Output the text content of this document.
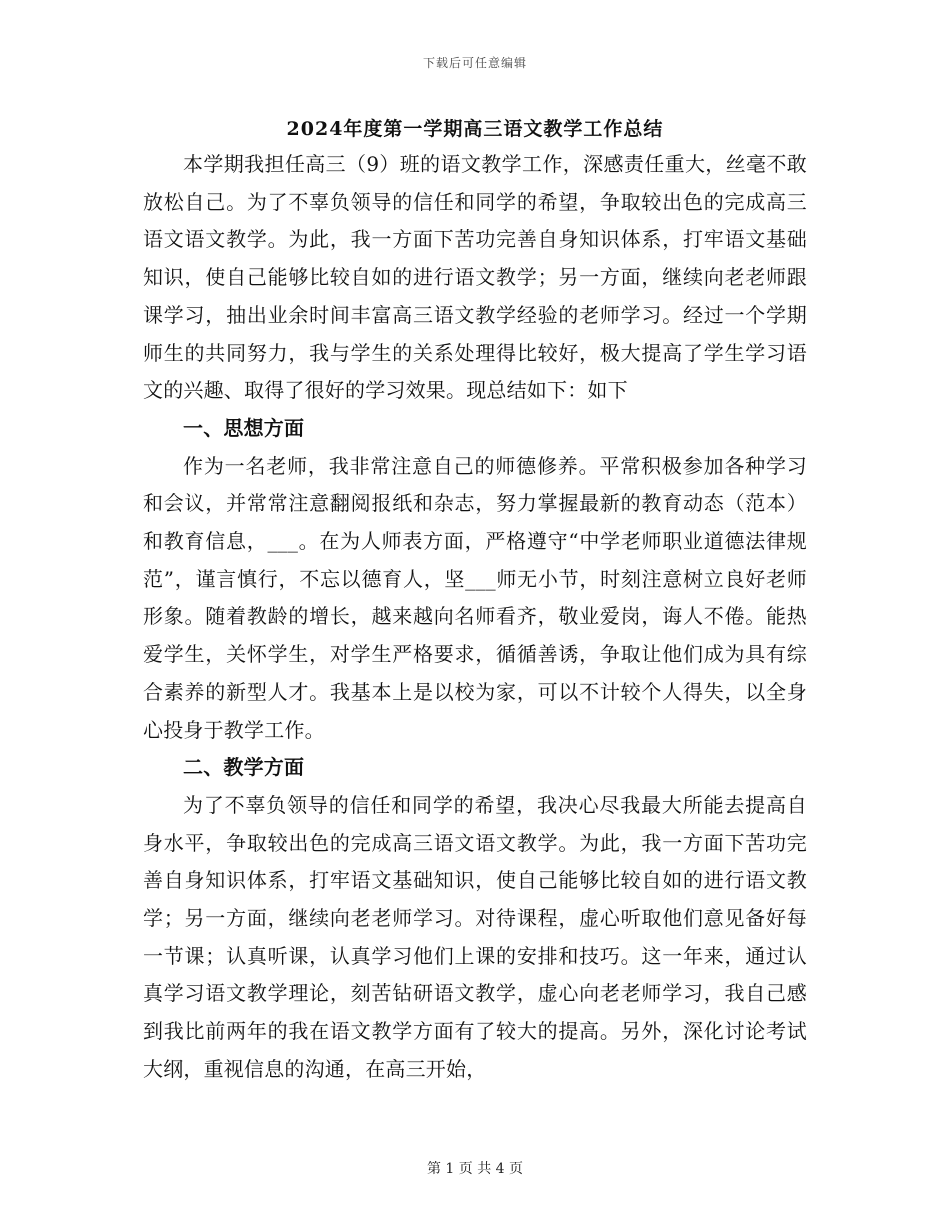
下载后可任意编辑
2024年度第一学期高三语文教学工作总结

本学期我担任高三（9）班的语文教学工作，深感责任重大，丝毫不敢放松自己。为了不辜负领导的信任和同学的希望，争取较出色的完成高三语文语文教学。为此，我一方面下苦功完善自身知识体系，打牢语文基础知识，使自己能够比较自如的进行语文教学；另一方面，继续向老老师跟课学习，抽出业余时间丰富高三语文教学经验的老师学习。经过一个学期师生的共同努力，我与学生的关系处理得比较好，极大提高了学生学习语文的兴趣、取得了很好的学习效果。现总结如下：如下

一、思想方面

作为一名老师，我非常注意自己的师德修养。平常积极参加各种学习和会议，并常常注意翻阅报纸和杂志，努力掌握最新的教育动态（范本）和教育信息，___。在为人师表方面，严格遵守“中学老师职业道德法律规范”，谨言慎行，不忘以德育人，坚___师无小节，时刻注意树立良好老师形象。随着教龄的增长，越来越向名师看齐，敬业爱岗，诲人不倦。能热爱学生，关怀学生，对学生严格要求，循循善诱，争取让他们成为具有综合素养的新型人才。我基本上是以校为家，可以不计较个人得失，以全身心投身于教学工作。

二、教学方面

为了不辜负领导的信任和同学的希望，我决心尽我最大所能去提高自身水平，争取较出色的完成高三语文语文教学。为此，我一方面下苦功完善自身知识体系，打牢语文基础知识，使自己能够比较自如的进行语文教学；另一方面，继续向老老师学习。对待课程，虚心听取他们意见备好每一节课；认真听课，认真学习他们上课的安排和技巧。这一年来，通过认真学习语文教学理论，刻苦钻研语文教学，虚心向老老师学习，我自己感到我比前两年的我在语文教学方面有了较大的提高。另外，深化讨论考试大纲，重视信息的沟通，在高三开始，

第 1 页 共 4 页
